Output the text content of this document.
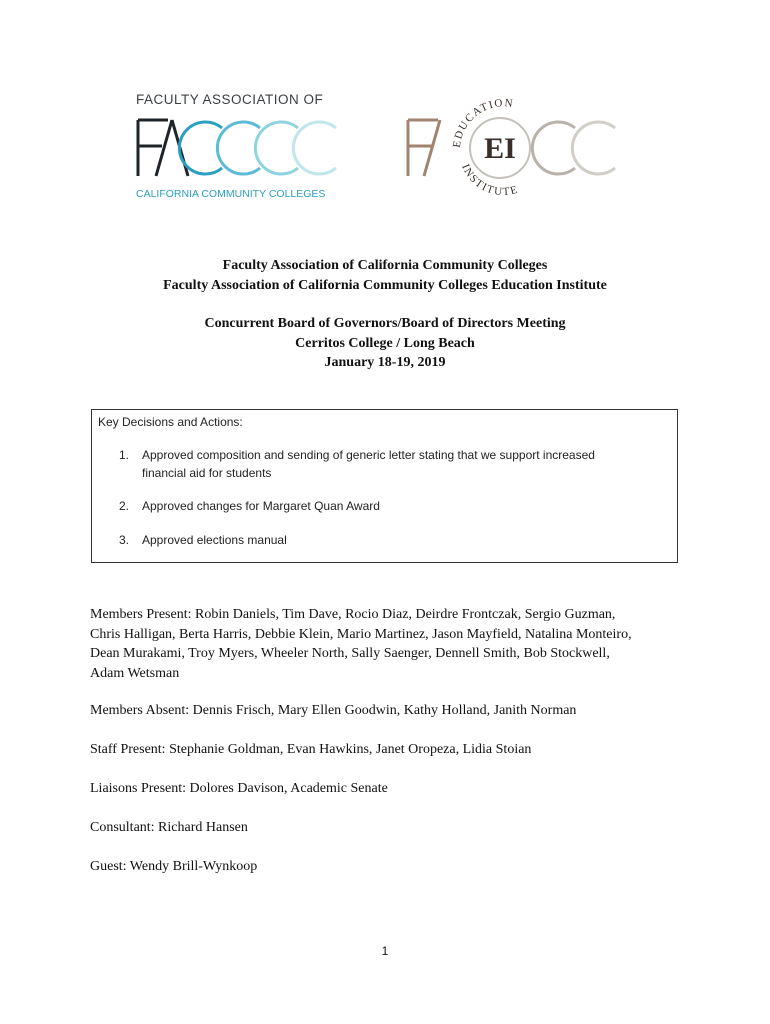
FACULTY ASSOCIATION OF
CALIFORNIA COMMUNITY COLLEGES
EI
EDUCATION
INSTITUTE
Faculty Association of California Community Colleges
Faculty Association of California Community Colleges Education Institute
Concurrent Board of Governors/Board of Directors Meeting
Cerritos College / Long Beach
January 18-19, 2019
Key Decisions and Actions:
1. Approved composition and sending of generic letter stating that we support increased
financial aid for students
2. Approved changes for Margaret Quan Award
3. Approved elections manual
Members Present: Robin Daniels, Tim Dave, Rocio Diaz, Deirdre Frontczak, Sergio Guzman,
Chris Halligan, Berta Harris, Debbie Klein, Mario Martinez, Jason Mayfield, Natalina Monteiro,
Dean Murakami, Troy Myers, Wheeler North, Sally Saenger, Dennell Smith, Bob Stockwell,
Adam Wetsman
Members Absent: Dennis Frisch, Mary Ellen Goodwin, Kathy Holland, Janith Norman
Staff Present: Stephanie Goldman, Evan Hawkins, Janet Oropeza, Lidia Stoian
Liaisons Present: Dolores Davison, Academic Senate
Consultant: Richard Hansen
Guest: Wendy Brill-Wynkoop
1
